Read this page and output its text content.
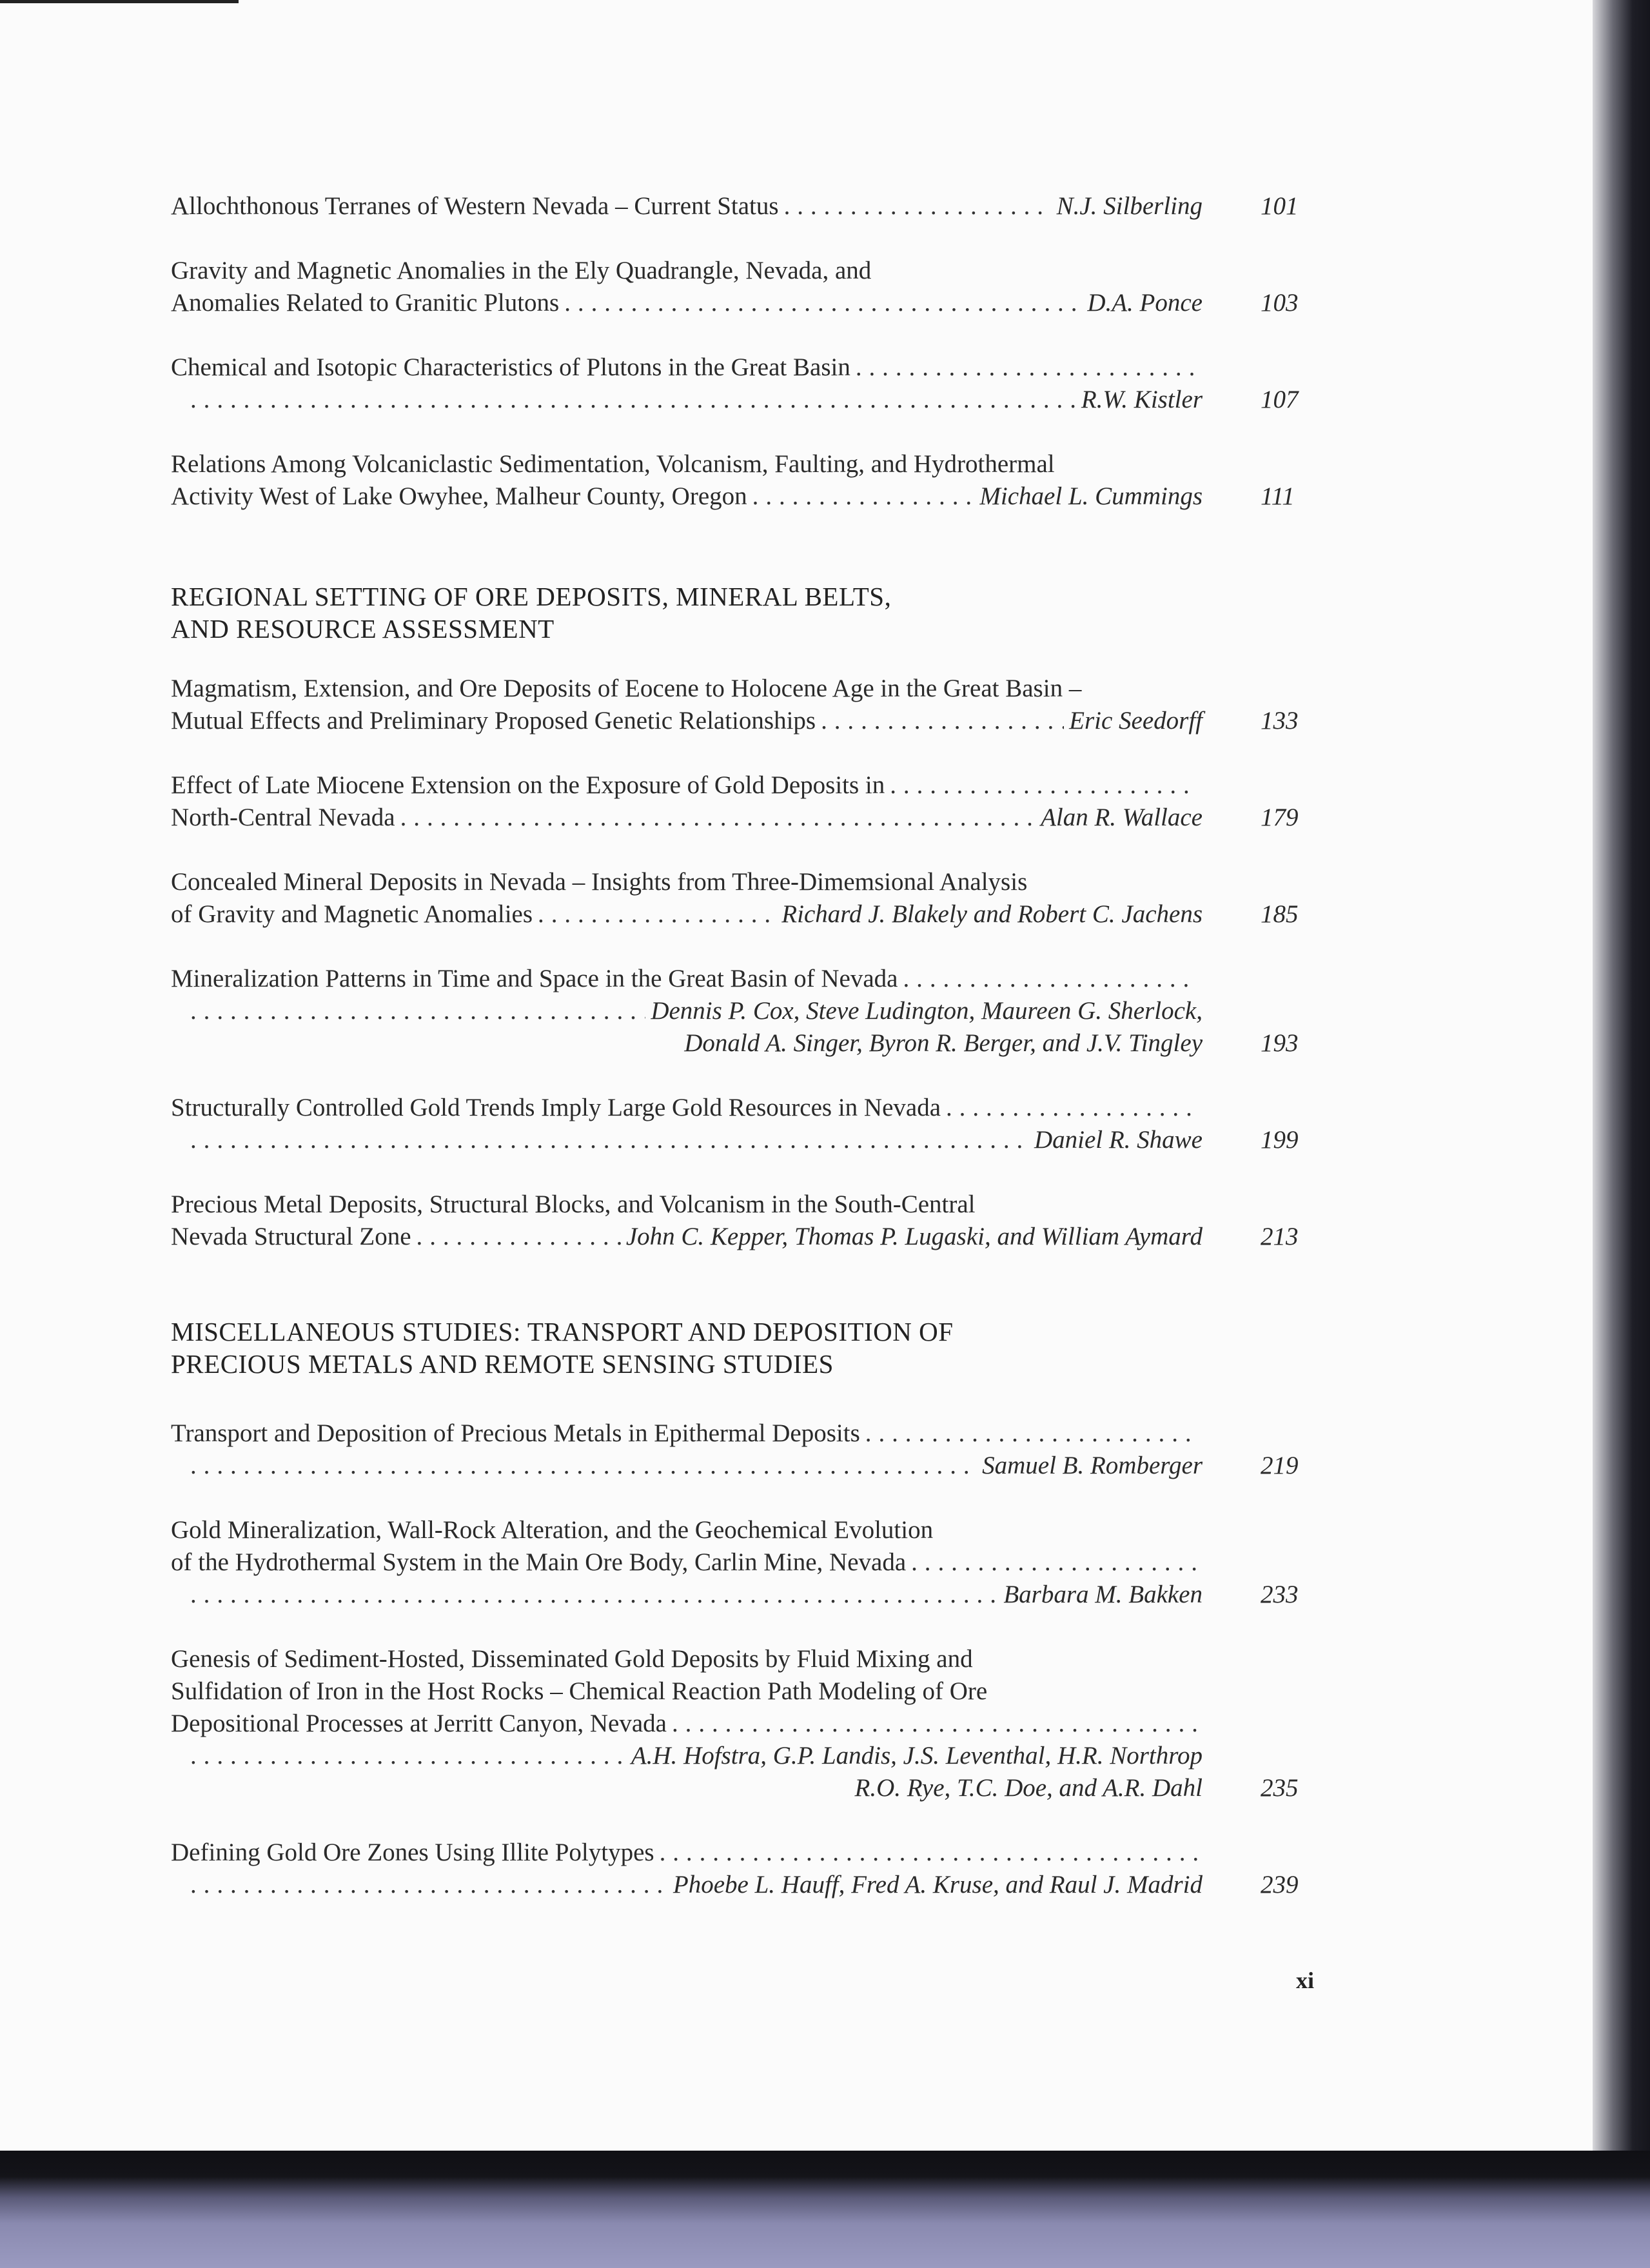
Allochthonous Terranes of Western Nevada – Current Status .....	N.J. Silberling 101
Gravity and Magnetic Anomalies in the Ely Quadrangle, Nevada, and
Anomalies Related to Granitic Plutons .....	D.A. Ponce 103
Chemical and Isotopic Characteristics of Plutons in the Great Basin
.....
.....
R.W. Kistler 107
Relations Among Volcaniclastic Sedimentation, Volcanism, Faulting, and Hydrothermal
Activity West of Lake Owyhee, Malheur County, Oregon .....	Michael L. Cummings 111
REGIONAL SETTING OF ORE DEPOSITS, MINERAL BELTS,
AND RESOURCE ASSESSMENT
Magmatism, Extension, and Ore Deposits of Eocene to Holocene Age in the Great Basin –
Mutual Effects and Preliminary Proposed Genetic Relationships .....	Eric Seedorff 133
Effect of Late Miocene Extension on the Exposure of Gold Deposits in
.....
North-Central Nevada .....	Alan R. Wallace 179
Concealed Mineral Deposits in Nevada – Insights from Three-Dimemsional Analysis
of Gravity and Magnetic Anomalies .....	Richard J. Blakely and Robert C. Jachens 185
Mineralization Patterns in Time and Space in the Great Basin of Nevada
.....
.....
Dennis P. Cox, Steve Ludington, Maureen G. Sherlock,
Donald A. Singer, Byron R. Berger, and J.V. Tingley 193
Structurally Controlled Gold Trends Imply Large Gold Resources in Nevada
.....
.....
Daniel R. Shawe 199
Precious Metal Deposits, Structural Blocks, and Volcanism in the South-Central
Nevada Structural Zone .....	John C. Kepper, Thomas P. Lugaski, and William Aymard 213
MISCELLANEOUS STUDIES: TRANSPORT AND DEPOSITION OF
PRECIOUS METALS AND REMOTE SENSING STUDIES
Transport and Deposition of Precious Metals in Epithermal Deposits
.....
.....
Samuel B. Romberger 219
Gold Mineralization, Wall-Rock Alteration, and the Geochemical Evolution
of the Hydrothermal System in the Main Ore Body, Carlin Mine, Nevada
.....
.....
Barbara M. Bakken 233
Genesis of Sediment-Hosted, Disseminated Gold Deposits by Fluid Mixing and
Sulfidation of Iron in the Host Rocks – Chemical Reaction Path Modeling of Ore
Depositional Processes at Jerritt Canyon, Nevada
.....
.....
A.H. Hofstra, G.P. Landis, J.S. Leventhal, H.R. Northrop
R.O. Rye, T.C. Doe, and A.R. Dahl 235
Defining Gold Ore Zones Using Illite Polytypes
.....
.....
Phoebe L. Hauff, Fred A. Kruse, and Raul J. Madrid 239
xi
